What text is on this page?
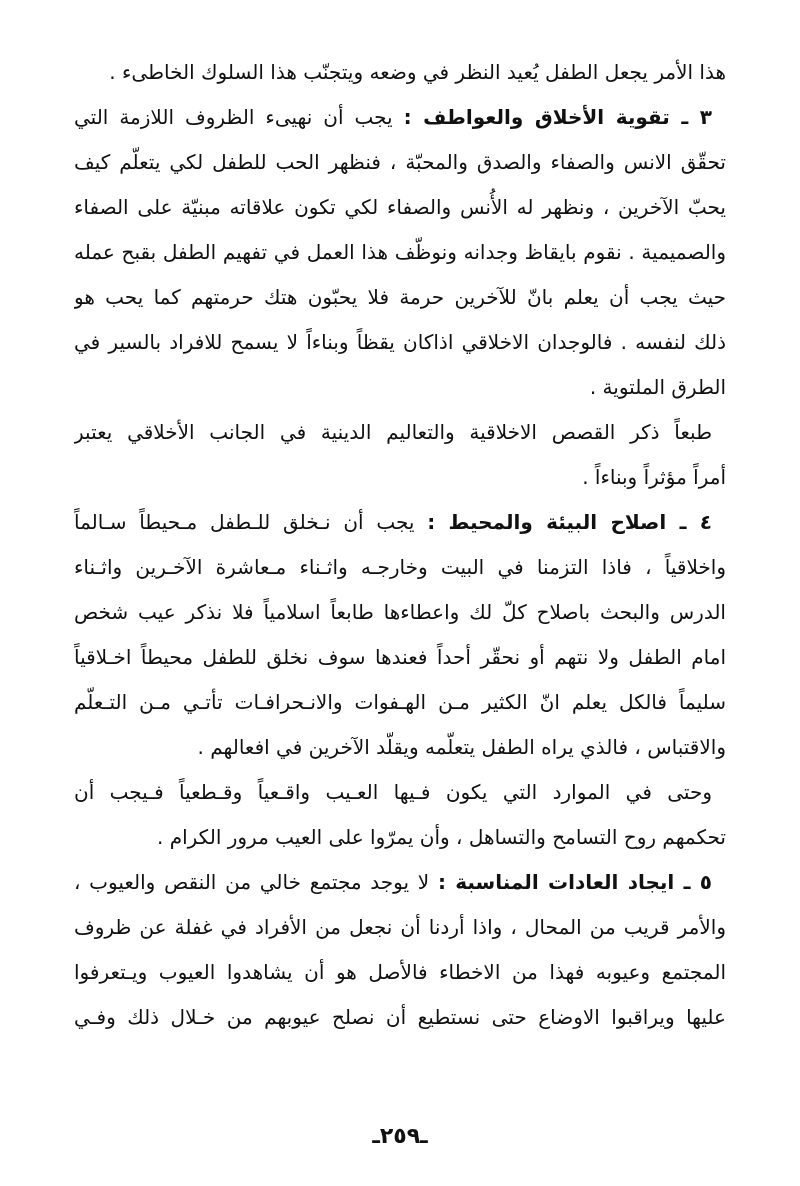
هذا الأمر يجعل الطفل يُعيد النظر في وضعه ويتجنّب هذا السلوك الخاطىء .
٣ ـ تقوية الأخلاق والعواطف : يجب أن نهيىء الظروف اللازمة التي
تحقّق الانس والصفاء والصدق والمحبّة ، فنظهر الحب للطفل لكي يتعلّم كيف
يحبّ الآخرين ، ونظهر له الأُنس والصفاء لكي تكون علاقاته مبنيّة على الصفاء
والصميمية . نقوم بايقاظ وجدانه ونوظّف هذا العمل في تفهيم الطفل بقبح عمله
حيث يجب أن يعلم بانّ للآخرين حرمة فلا يحبّون هتك حرمتهم كما يحب هو
ذلك لنفسه . فالوجدان الاخلاقي اذاكان يقظاً وبناءاً لا يسمح للافراد بالسير في
الطرق الملتوية .
طبعاً ذكر القصص الاخلاقية والتعاليم الدينية في الجانب الأخلاقي يعتبر
أمراً مؤثراً وبناءاً .
٤ ـ اصلاح البيئة والمحيط : يجب أن نـخلق للـطفل مـحيطاً سـالماً
واخلاقياً ، فاذا التزمنا في البيت وخارجـه واثـناء مـعاشرة الآخـرين واثـناء
الدرس والبحث باصلاح كلّ لك واعطاءها طابعاً اسلامياً فلا نذكر عيب شخص
امام الطفل ولا نتهم أو نحقّر أحداً فعندها سوف نخلق للطفل محيطاً اخـلاقياً
سليماً فالكل يعلم انّ الكثير مـن الهـفوات والانـحرافـات تأتـي مـن التـعلّم
والاقتباس ، فالذي يراه الطفل يتعلّمه ويقلّد الآخرين في افعالهم .
وحتى في الموارد التي يكون فـيها العـيب واقـعياً وقـطعياً فـيجب أن
تحكمهم روح التسامح والتساهل ، وأن يمرّوا على العيب مرور الكرام .
٥ ـ ايجاد العادات المناسبة : لا يوجد مجتمع خالي من النقص والعيوب ،
والأمر قريب من المحال ، واذا أردنا أن نجعل من الأفراد في غفلة عن ظروف
المجتمع وعيوبه فهذا من الاخطاء فالأصل هو أن يشاهدوا العيوب ويـتعرفوا
عليها ويراقبوا الاوضاع حتى نستطيع أن نصلح عيوبهم من خـلال ذلك وفـي
ـ٢٥٩ـ
